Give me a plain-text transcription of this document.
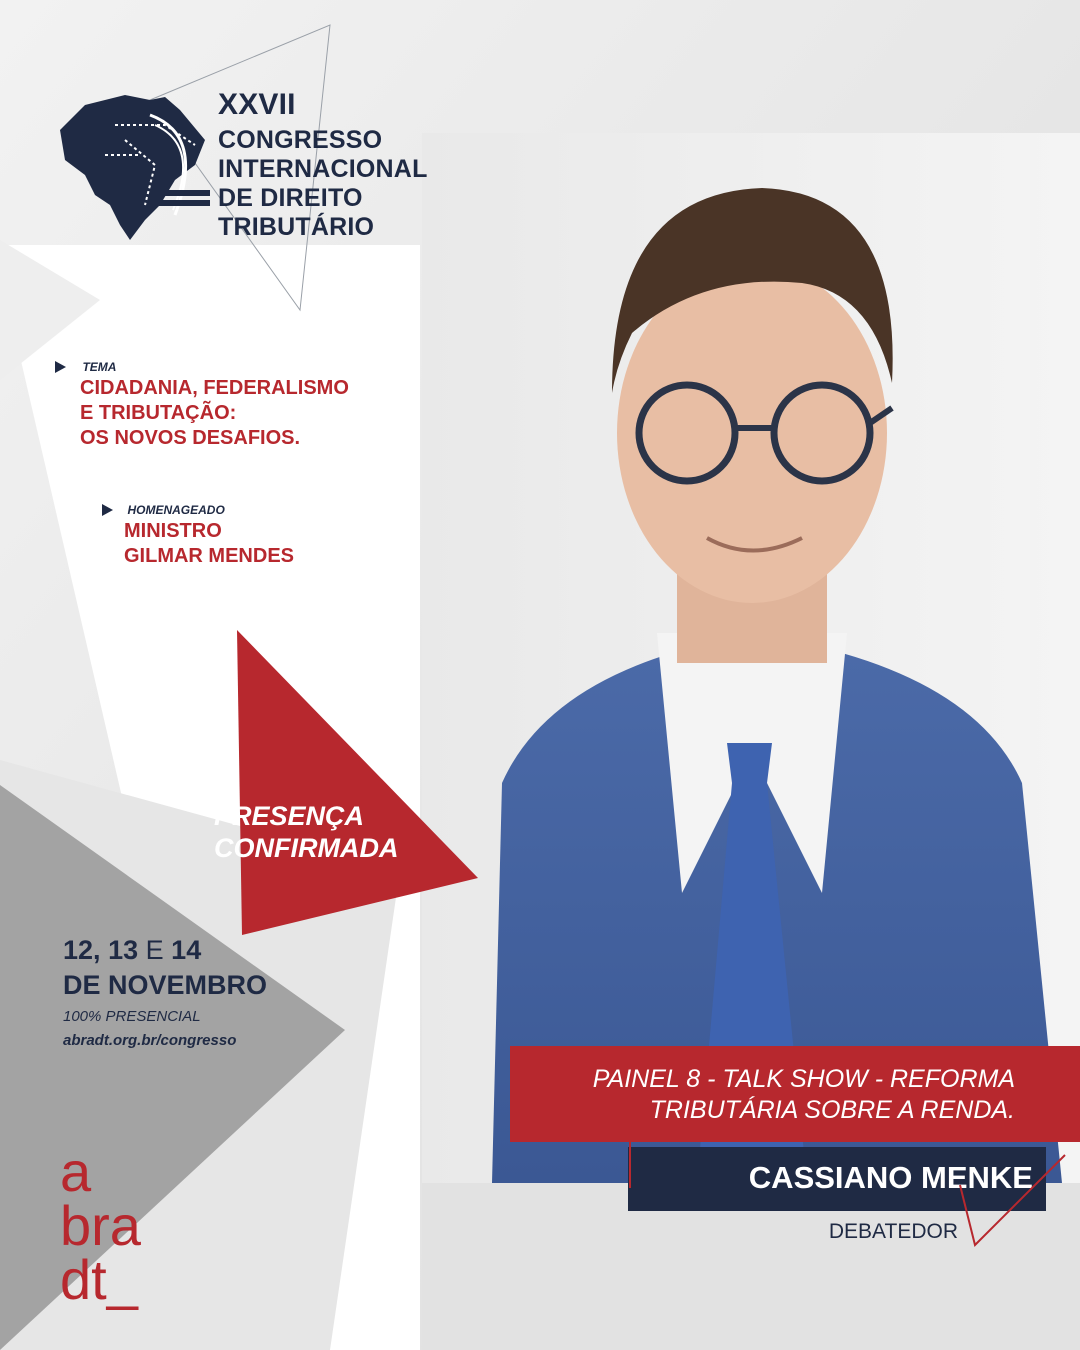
XXVII
CONGRESSO
INTERNACIONAL
DE DIREITO
TRIBUTÁRIO
TEMA
CIDADANIA, FEDERALISMO
E TRIBUTAÇÃO:
OS NOVOS DESAFIOS.
HOMENAGEADO
MINISTRO
GILMAR MENDES
PRESENÇA
CONFIRMADA
12, 13 E 14
DE NOVEMBRO
100% PRESENCIAL
abradt.org.br/congresso
PAINEL 8 - TALK SHOW - REFORMA
TRIBUTÁRIA SOBRE A RENDA.
CASSIANO MENKE
DEBATEDOR
a
bra
dt_
